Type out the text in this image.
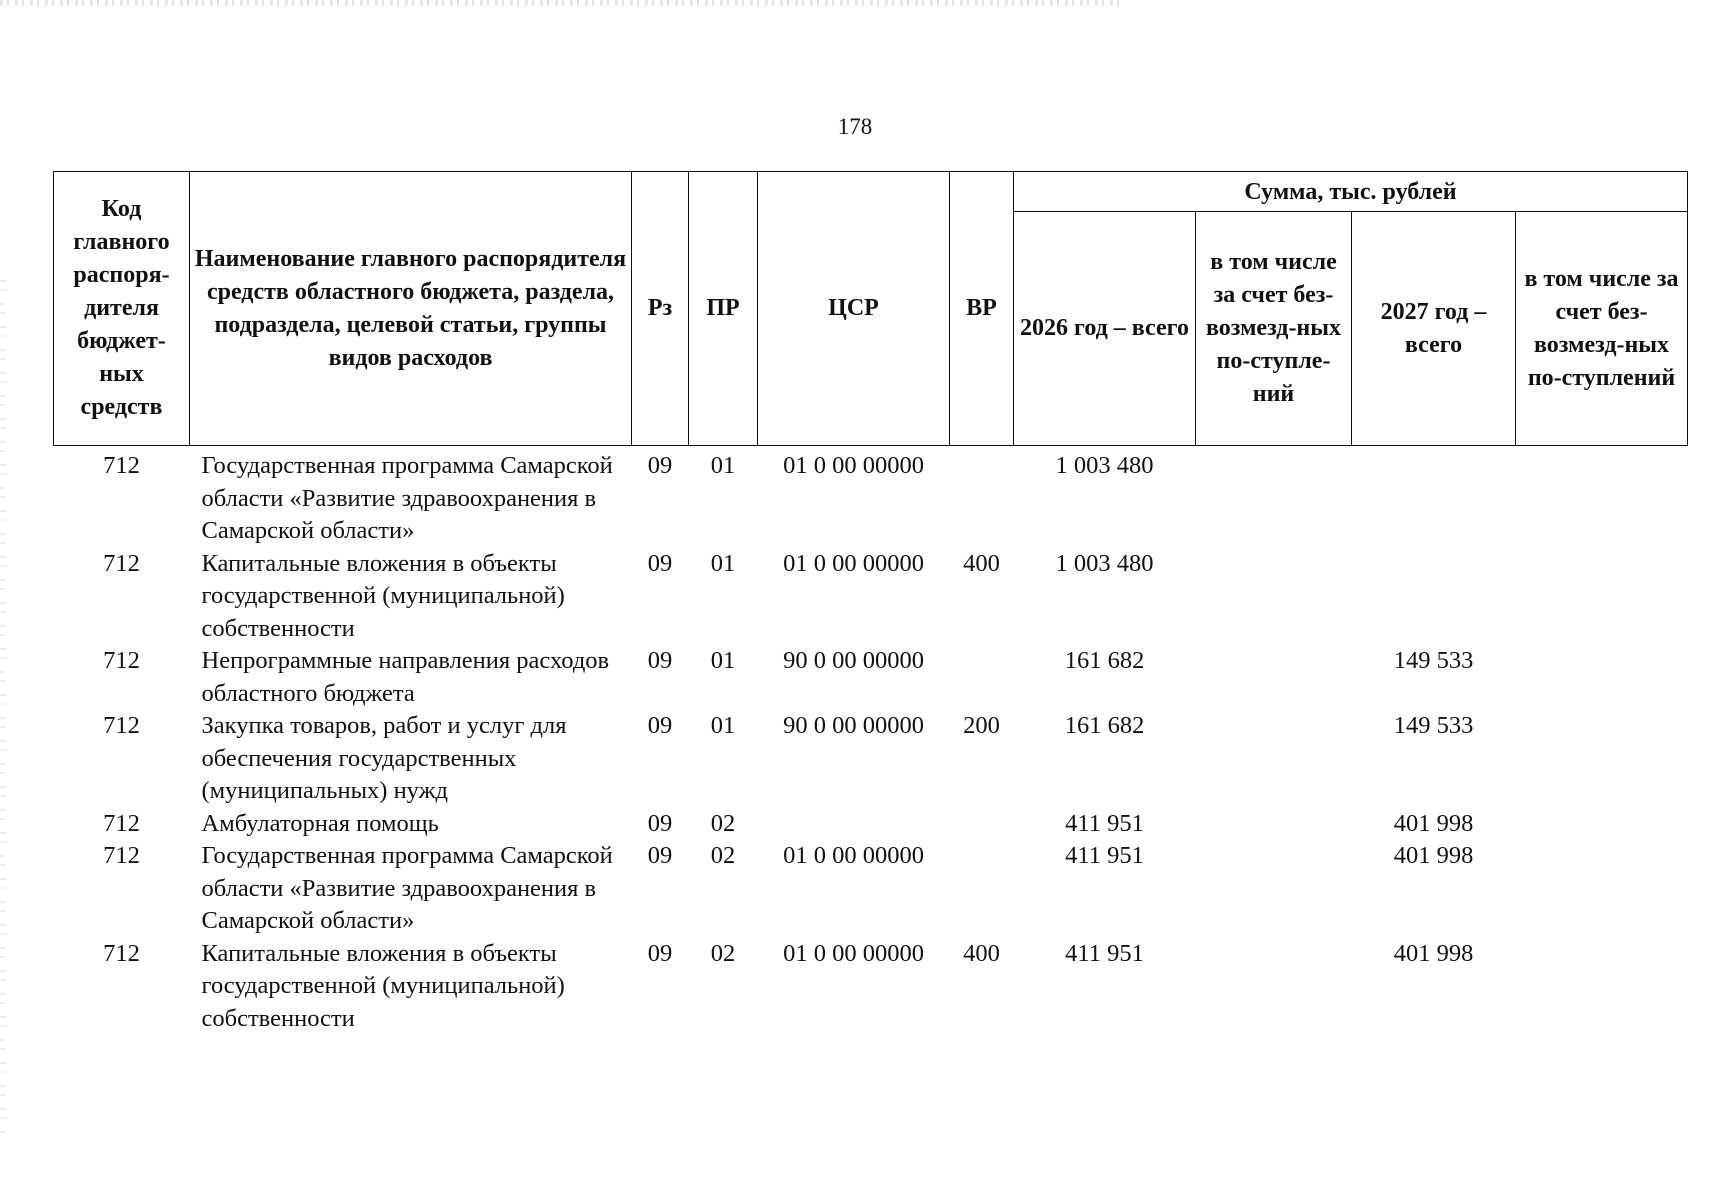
178
Код главного распоря-дителя бюджет-ных средств	Наименование главного распорядителя средств областного бюджета, раздела, подраздела, целевой статьи, группы видов расходов	Рз	ПР	ЦСР	ВР	Сумма, тыс. рублей			
						2026 год – всего	в том числе за счет без-возмезд-ных по-ступле-ний	2027 год – всего	в том числе за счет без-возмезд-ных по-ступлений
712	Государственная программа Самарской области «Развитие здравоохранения в Самарской области»	09	01	01 0 00 00000		1 003 480			
712	Капитальные вложения в объекты государственной (муниципальной) собственности	09	01	01 0 00 00000	400	1 003 480			
712	Непрограммные направления расходов областного бюджета	09	01	90 0 00 00000		161 682		149 533	
712	Закупка товаров, работ и услуг для обеспечения государственных (муниципальных) нужд	09	01	90 0 00 00000	200	161 682		149 533	
712	Амбулаторная помощь	09	02			411 951		401 998	
712	Государственная программа Самарской области «Развитие здравоохранения в Самарской области»	09	02	01 0 00 00000		411 951		401 998	
712	Капитальные вложения в объекты государственной (муниципальной) собственности	09	02	01 0 00 00000	400	411 951		401 998	
